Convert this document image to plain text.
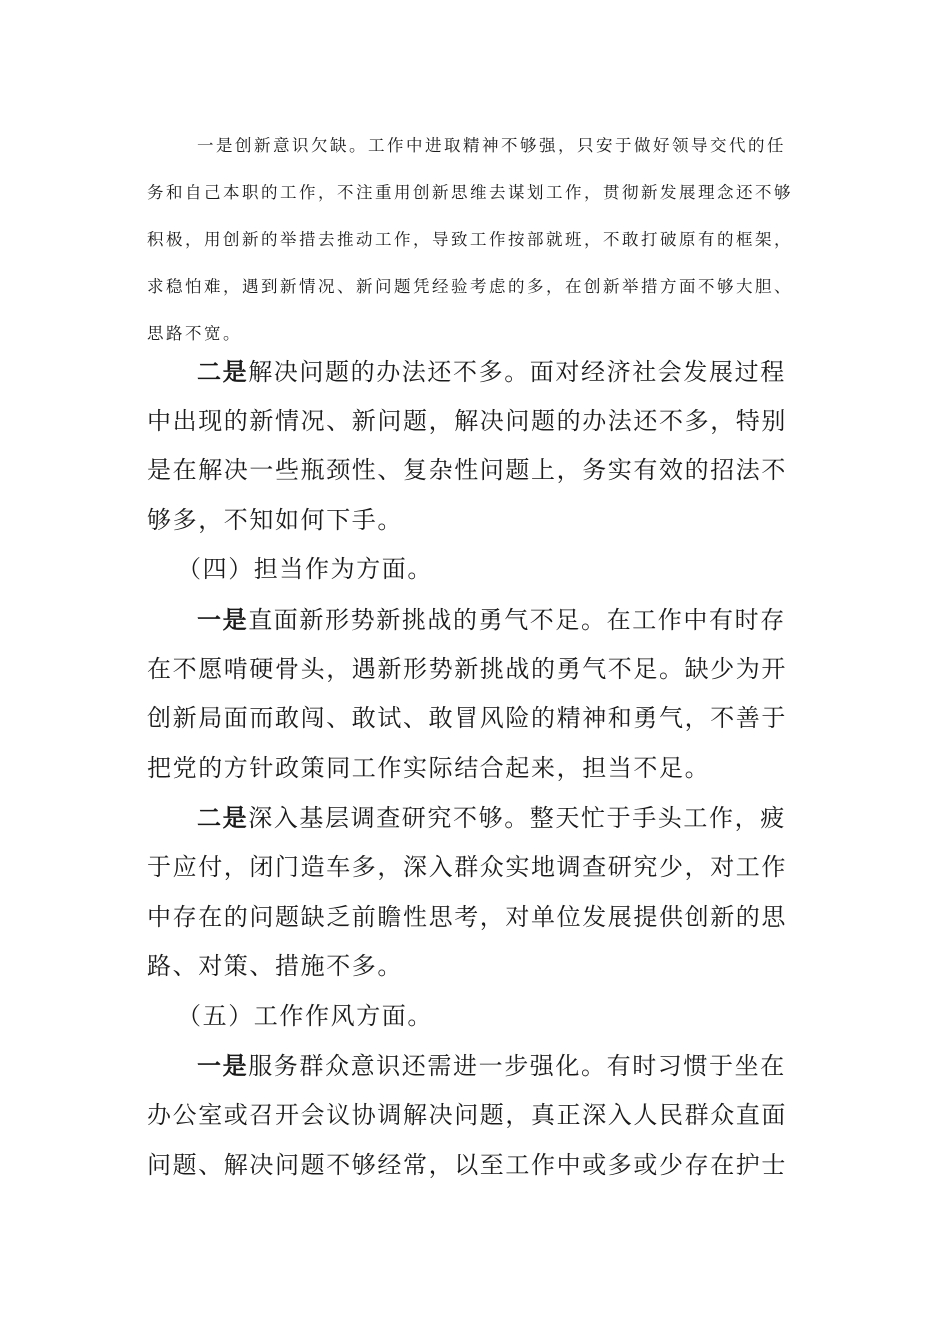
一是创新意识欠缺。工作中进取精神不够强，只安于做好领导交代的任
务和自己本职的工作，不注重用创新思维去谋划工作，贯彻新发展理念还不够
积极，用创新的举措去推动工作，导致工作按部就班，不敢打破原有的框架，
求稳怕难，遇到新情况、新问题凭经验考虑的多，在创新举措方面不够大胆、
思路不宽。
二是解决问题的办法还不多。面对经济社会发展过程
中出现的新情况、新问题，解决问题的办法还不多，特别
是在解决一些瓶颈性、复杂性问题上，务实有效的招法不
够多，不知如何下手。
（四）担当作为方面。
一是直面新形势新挑战的勇气不足。在工作中有时存
在不愿啃硬骨头，遇新形势新挑战的勇气不足。缺少为开
创新局面而敢闯、敢试、敢冒风险的精神和勇气，不善于
把党的方针政策同工作实际结合起来，担当不足。
二是深入基层调查研究不够。整天忙于手头工作，疲
于应付，闭门造车多，深入群众实地调查研究少，对工作
中存在的问题缺乏前瞻性思考，对单位发展提供创新的思
路、对策、措施不多。
（五）工作作风方面。
一是服务群众意识还需进一步强化。有时习惯于坐在
办公室或召开会议协调解决问题，真正深入人民群众直面
问题、解决问题不够经常，以至工作中或多或少存在护士
